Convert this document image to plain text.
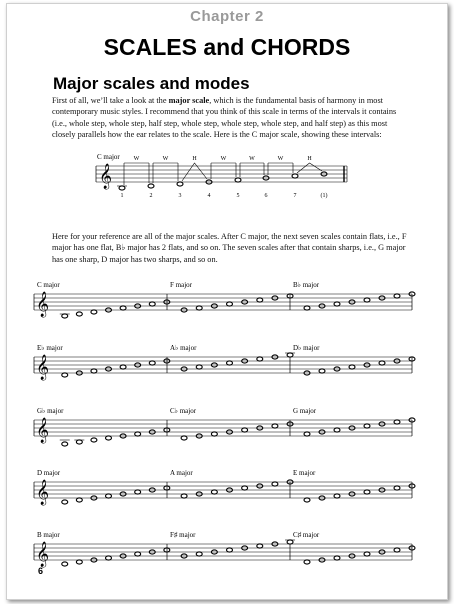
Chapter 2
SCALES and CHORDS
Major scales and modes
First of all, we’ll take a look at the major scale, which is the fundamental basis of harmony in most contemporary music styles. I recommend that you think of this scale in terms of the intervals it contains (i.e., whole step, whole step, half step, whole step, whole step, whole step, and half step) as this most closely parallels how the ear relates to the scale. Here is the C major scale, showing these intervals:
Here for your reference are all of the major scales. After C major, the next seven scales contain flats, i.e., F major has one flat, B♭ major has 2 flats, and so on. The seven scales after that contain sharps, i.e., G major has one sharp, D major has two sharps, and so on.
C major
𝄞
1	2	3	4	5	6	7	(1)
W	W	H	W	W	W	H
C major
𝄞
F major	B♭ major
E♭ major
𝄞
A♭ major	D♭ major
G♭ major
𝄞
C♭ major	G major
D major
𝄞
A major	E major
B major
𝄞
F♯ major	C♯ major
6
